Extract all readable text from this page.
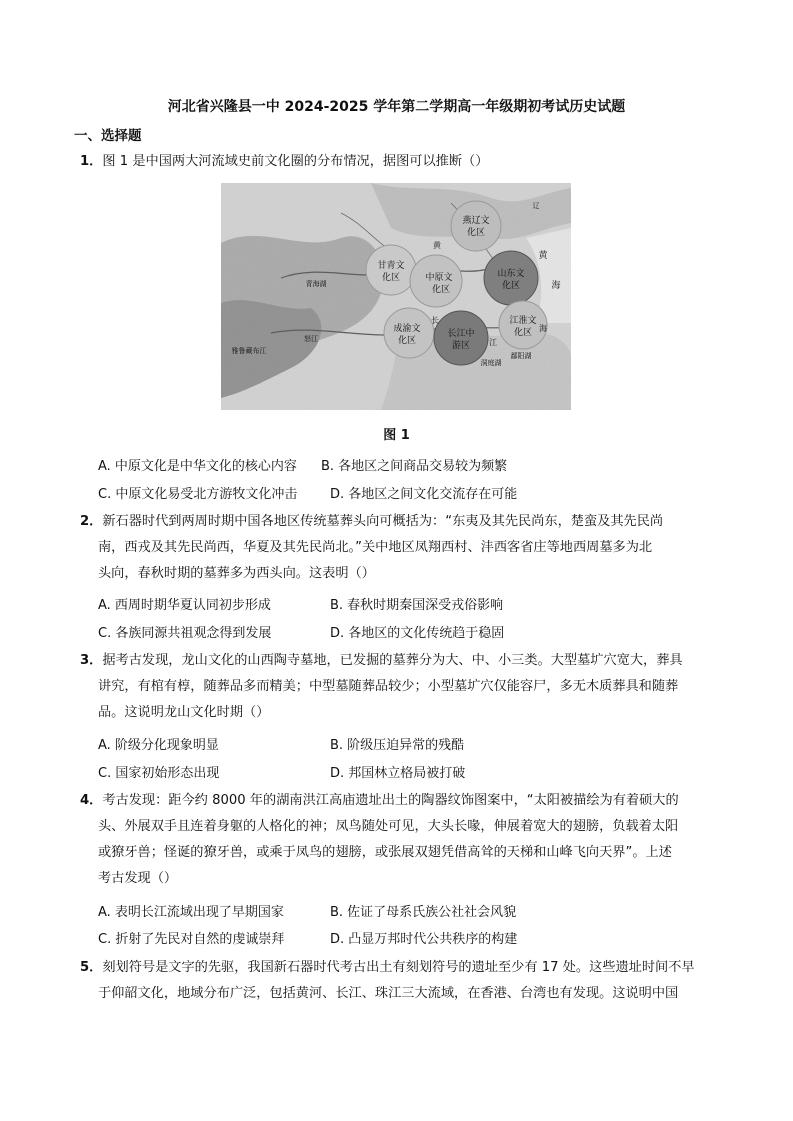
河北省兴隆县一中 2024-2025 学年第二学期高一年级期初考试历史试题
一、选择题
1．图 1 是中国两大河流域史前文化圈的分布情况，据图可以推断（）
燕辽文
化区
甘青文
化区	中原文
化区
山东文
化区
成渝文
化区
长江中
游区
江淮文
化区
黄
海
辽
青海湖
鄱阳湖
洞庭湖
江
海
雅鲁藏布江
怒江
黄
长
图 1
A. 中原文化是中华文化的核心内容 B. 各地区之间商品交易较为频繁
C. 中原文化易受北方游牧文化冲击	D. 各地区之间文化交流存在可能
2．新石器时代到两周时期中国各地区传统墓葬头向可概括为：“东夷及其先民尚东，楚蛮及其先民尚
南，西戎及其先民尚西，华夏及其先民尚北。”关中地区凤翔西村、沣西客省庄等地西周墓多为北
头向，春秋时期的墓葬多为西头向。这表明（）
A. 西周时期华夏认同初步形成	B. 春秋时期秦国深受戎俗影响
C. 各族同源共祖观念得到发展	D. 各地区的文化传统趋于稳固
3．据考古发现，龙山文化的山西陶寺墓地，已发掘的墓葬分为大、中、小三类。大型墓圹穴宽大，葬具
讲究，有棺有椁，随葬品多而精美；中型墓随葬品较少；小型墓圹穴仅能容尸，多无木质葬具和随葬
品。这说明龙山文化时期（）
A. 阶级分化现象明显	B. 阶级压迫异常的残酷
C. 国家初始形态出现	D. 邦国林立格局被打破
4．考古发现：距今约 8000 年的湖南洪江高庙遗址出土的陶器纹饰图案中，“太阳被描绘为有着硕大的
头、外展双手且连着身躯的人格化的神；凤鸟随处可见，大头长喙，伸展着宽大的翅膀，负载着太阳
或獠牙兽；怪诞的獠牙兽，或乘于凤鸟的翅膀，或张展双翅凭借高耸的天梯和山峰飞向天界”。上述
考古发现（）
A. 表明长江流域出现了早期国家	B. 佐证了母系氏族公社社会风貌
C. 折射了先民对自然的虔诚崇拜	D. 凸显万邦时代公共秩序的构建
5．刻划符号是文字的先驱，我国新石器时代考古出土有刻划符号的遗址至少有 17 处。这些遗址时间不早
于仰韶文化，地域分布广泛，包括黄河、长江、珠江三大流域，在香港、台湾也有发现。这说明中国
